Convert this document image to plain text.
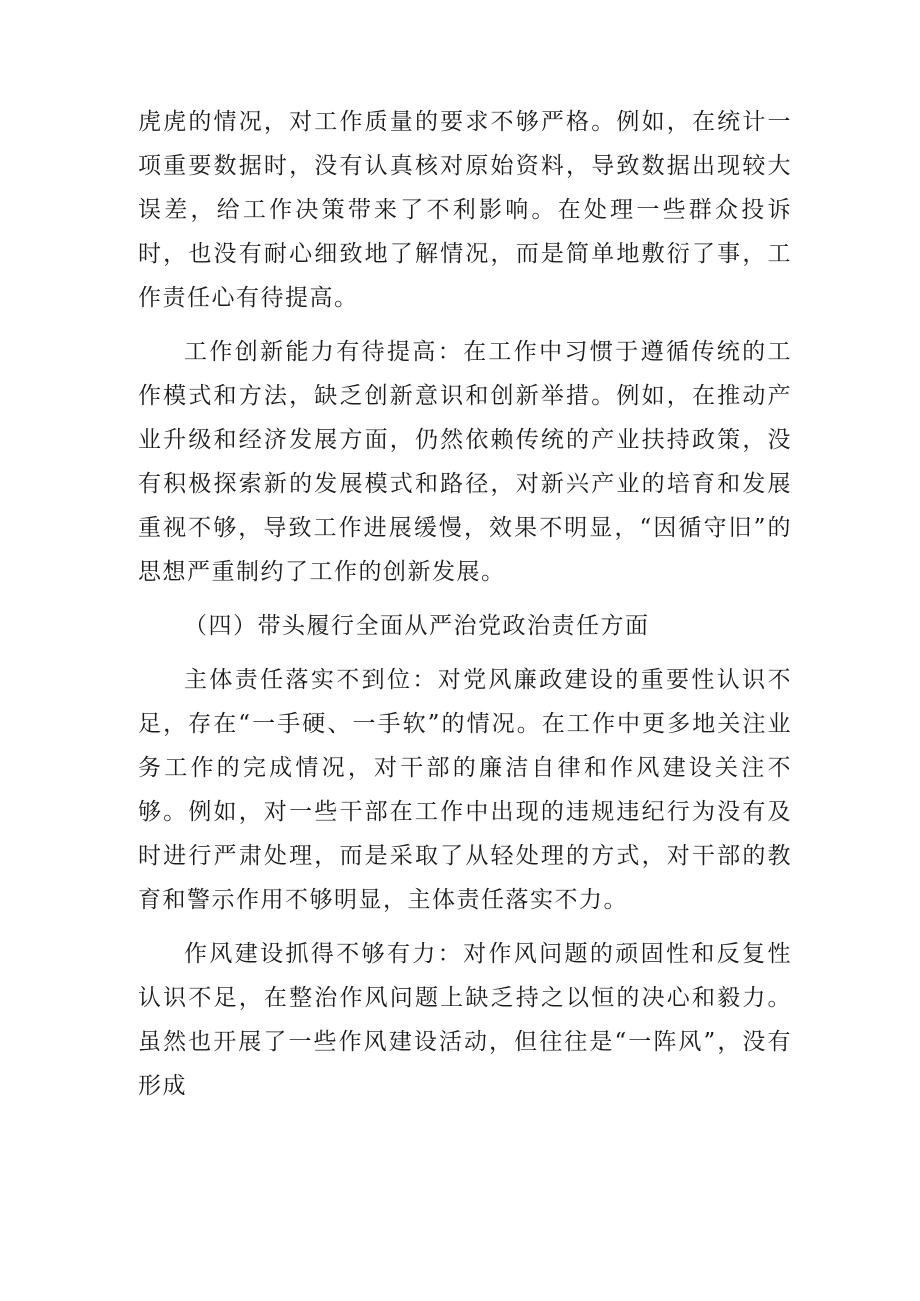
虎虎的情况，对工作质量的要求不够严格。例如，在统计一项重要数据时，没有认真核对原始资料，导致数据出现较大误差，给工作决策带来了不利影响。在处理一些群众投诉时，也没有耐心细致地了解情况，而是简单地敷衍了事，工作责任心有待提高。

工作创新能力有待提高：在工作中习惯于遵循传统的工作模式和方法，缺乏创新意识和创新举措。例如，在推动产业升级和经济发展方面，仍然依赖传统的产业扶持政策，没有积极探索新的发展模式和路径，对新兴产业的培育和发展重视不够，导致工作进展缓慢，效果不明显，“因循守旧”的思想严重制约了工作的创新发展。

（四）带头履行全面从严治党政治责任方面

主体责任落实不到位：对党风廉政建设的重要性认识不足，存在“一手硬、一手软”的情况。在工作中更多地关注业务工作的完成情况，对干部的廉洁自律和作风建设关注不够。例如，对一些干部在工作中出现的违规违纪行为没有及时进行严肃处理，而是采取了从轻处理的方式，对干部的教育和警示作用不够明显，主体责任落实不力。

作风建设抓得不够有力：对作风问题的顽固性和反复性认识不足，在整治作风问题上缺乏持之以恒的决心和毅力。虽然也开展了一些作风建设活动，但往往是“一阵风”，没有形成
